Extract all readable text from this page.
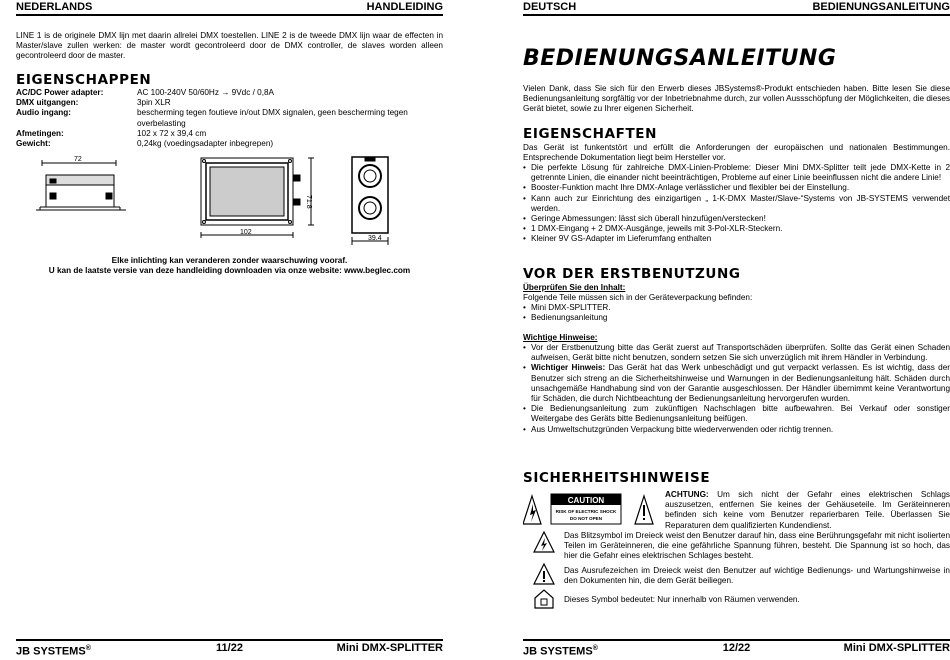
NEDERLANDS	HANDLEIDING

LINE 1 is de originele DMX lijn met daarin allrelei DMX toestellen. LINE 2 is de tweede DMX lijn waar de effecten in Master/slave zullen werken: de master wordt gecontroleerd door de DMX controller, de slaves worden alleen gecontroleerd door de master.

EIGENSCHAPPEN
AC/DC Power adapter:	AC 100-240V 50/60Hz → 9Vdc / 0,8A
DMX uitgangen:	3pin XLR
Audio ingang:	bescherming tegen foutieve in/out DMX signalen, geen bescherming tegen overbelasting
Afmetingen:	102 x 72 x 39,4 cm
Gewicht:	0,24kg (voedingsadapter inbegrepen)
72
71.8
102
39.4

Elke inlichting kan veranderen zonder waarschuwing vooraf.

U kan de laatste versie van deze handleiding downloaden via onze website: www.beglec.com

JB SYSTEMS®	11/22	Mini DMX-SPLITTER
DEUTSCH	BEDIENUNGSANLEITUNG
BEDIENUNGSANLEITUNG

Vielen Dank, dass Sie sich für den Erwerb dieses JBSystems®-Produkt entschieden haben. Bitte lesen Sie diese Bedienungsanleitung sorgfältig vor der Inbetriebnahme durch, zur vollen Aussschöpfung der Möglichkeiten, die dieses Gerät bietet, sowie zu Ihrer eigenen Sicherheit.

EIGENSCHAFTEN

Das Gerät ist funkentstört und erfüllt die Anforderungen der europäischen und nationalen Bestimmungen. Entsprechende Dokumentation liegt beim Hersteller vor.

• Die perfekte Lösung für zahlreiche DMX-Linien-Probleme: Dieser Mini DMX-Splitter teilt jede DMX-Kette in 2 getrennte Linien, die einander nicht beeinträchtigen, Probleme auf einer Linie beeinflussen nicht die andere Linie!
• Booster-Funktion macht Ihre DMX-Anlage verlässlicher und flexibler bei der Einstellung.
• Kann auch zur Einrichtung des einzigartigen „ 1-K-DMX Master/Slave-“Systems von JB-SYSTEMS verwendet werden.
• Geringe Abmessungen: lässt sich überall hinzufügen/verstecken!
• 1 DMX-Eingang + 2 DMX-Ausgänge, jeweils mit 3-Pol-XLR-Steckern.
• Kleiner 9V GS-Adapter im Lieferumfang enthalten
VOR DER ERSTBENUTZUNG

Überprüfen Sie den Inhalt:

Folgende Teile müssen sich in der Geräteverpackung befinden:

• Mini DMX-SPLITTER.
• Bedienungsanleitung

Wichtige Hinweise:

• Vor der Erstbenutzung bitte das Gerät zuerst auf Transportschäden überprüfen. Sollte das Gerät einen Schaden aufweisen, Gerät bitte nicht benutzen, sondern setzen Sie sich unverzüglich mit ihrem Händler in Verbindung.
• Wichtiger Hinweis: Das Gerät hat das Werk unbeschädigt und gut verpackt verlassen. Es ist wichtig, dass der Benutzer sich streng an die Sicherheitshinweise und Warnungen in der Bedienungsanleitung hält. Schäden durch unsachgemäße Handhabung sind von der Garantie ausgeschlossen. Der Händler übernimmt keine Verantwortung für Schäden, die durch Nichtbeachtung der Bedienungsanleitung hervorgerufen wurden.
• Die Bedienungsanleitung zum zukünftigen Nachschlagen bitte aufbewahren. Bei Verkauf oder sonstiger Weitergabe des Geräts bitte Bedienungsanleitung beifügen.
• Aus Umweltschutzgründen Verpackung bitte wiederverwenden oder richtig trennen.
SICHERHEITSHINWEISE
CAUTION
RISK OF ELECTRIC SHOCK
DO NOT OPEN

ACHTUNG: Um sich nicht der Gefahr eines elektrischen Schlags auszusetzen, entfernen Sie keines der Gehäuseteile. Im Geräteinneren befinden sich keine vom Benutzer reparierbaren Teile. Überlassen Sie Reparaturen dem qualifizierten Kundendienst.

Das Blitzsymbol im Dreieck weist den Benutzer darauf hin, dass eine Berührungsgefahr mit nicht isolierten Teilen im Geräteinneren, die eine gefährliche Spannung führen, besteht. Die Spannung ist so hoch, das hier die Gefahr eines elektrischen Schlages besteht.

Das Ausrufezeichen im Dreieck weist den Benutzer auf wichtige Bedienungs- und Wartungshinweise in den Dokumenten hin, die dem Gerät beiliegen.

Dieses Symbol bedeutet: Nur innerhalb von Räumen verwenden.

JB SYSTEMS®	12/22	Mini DMX-SPLITTER
